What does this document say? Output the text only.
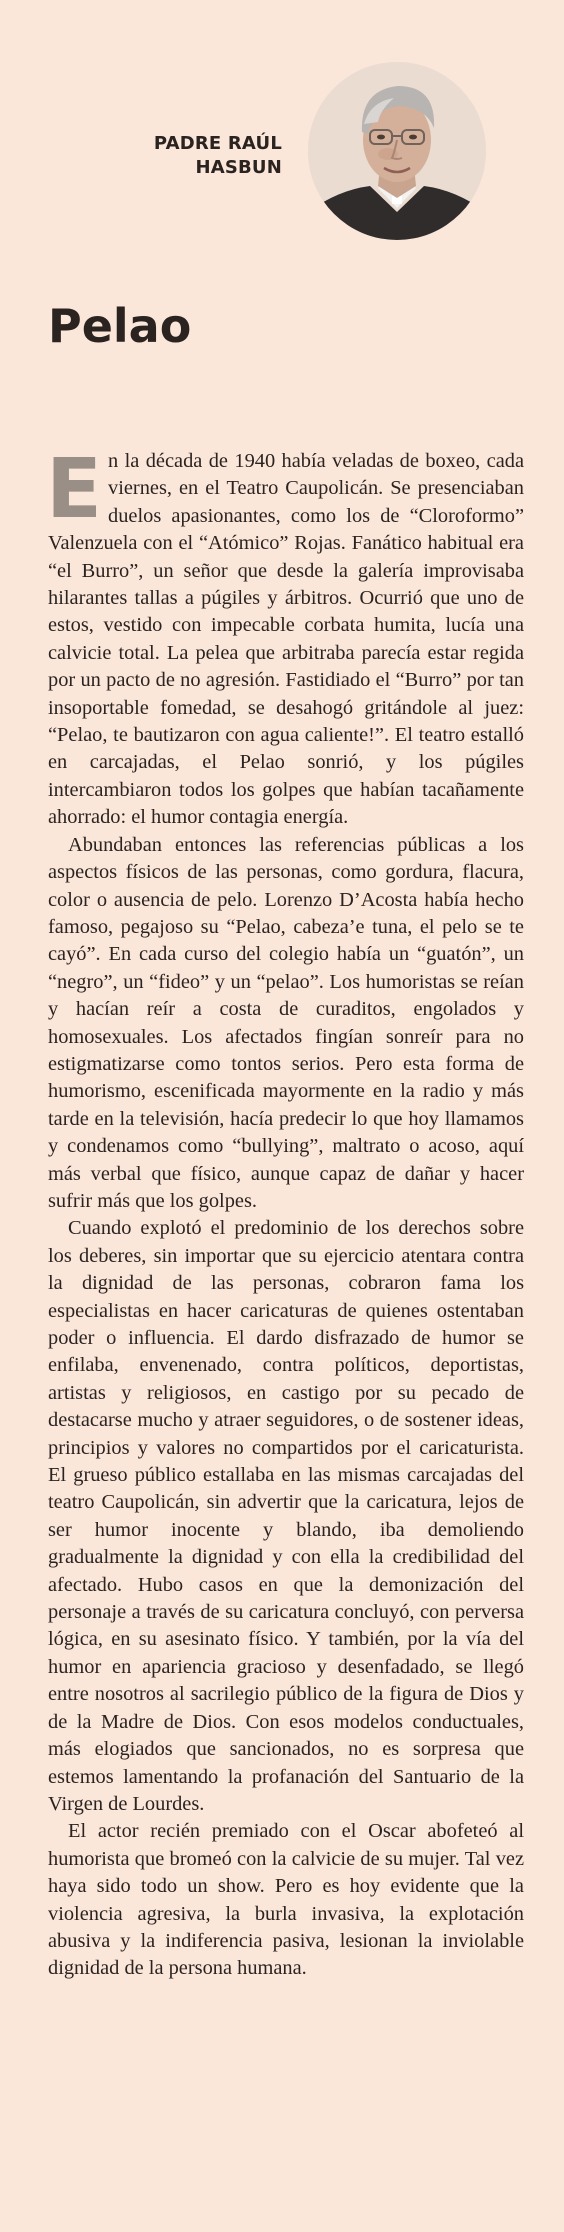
PADRE RAÚL
HASBUN
Pelao

En la década de 1940 había veladas de boxeo, cada viernes, en el Teatro Caupolicán. Se presenciaban duelos apasionantes, como los de “Cloroformo” Valenzuela con el “Atómico” Rojas. Fanático habitual era “el Burro”, un señor que desde la galería improvisaba hilarantes tallas a púgiles y árbitros. Ocurrió que uno de estos, vestido con impecable corbata humita, lucía una calvicie total. La pelea que arbitraba parecía estar regida por un pacto de no agresión. Fastidiado el “Burro” por tan insoportable fomedad, se desahogó gritándole al juez: “Pelao, te bautizaron con agua caliente!”. El teatro estalló en carcajadas, el Pelao sonrió, y los púgiles intercambiaron todos los golpes que habían tacañamente ahorrado: el humor contagia energía.

Abundaban entonces las referencias públicas a los aspectos físicos de las personas, como gordura, flacura, color o ausencia de pelo. Lorenzo D’Acosta había hecho famoso, pegajoso su “Pelao, cabeza’e tuna, el pelo se te cayó”. En cada curso del colegio había un “guatón”, un “negro”, un “fideo” y un “pelao”. Los humoristas se reían y hacían reír a costa de curaditos, engolados y homosexuales. Los afectados fingían sonreír para no estigmatizarse como tontos serios. Pero esta forma de humorismo, escenificada mayormente en la radio y más tarde en la televisión, hacía predecir lo que hoy llamamos y condenamos como “bullying”, maltrato o acoso, aquí más verbal que físico, aunque capaz de dañar y hacer sufrir más que los golpes.

Cuando explotó el predominio de los derechos sobre los deberes, sin importar que su ejercicio atentara contra la dignidad de las personas, cobraron fama los especialistas en hacer caricaturas de quienes ostentaban poder o influencia. El dardo disfrazado de humor se enfilaba, envenenado, contra políticos, deportistas, artistas y religiosos, en castigo por su pecado de destacarse mucho y atraer seguidores, o de sostener ideas, principios y valores no compartidos por el caricaturista. El grueso público estallaba en las mismas carcajadas del teatro Caupolicán, sin advertir que la caricatura, lejos de ser humor inocente y blando, iba demoliendo gradualmente la dignidad y con ella la credibilidad del afectado. Hubo casos en que la demonización del personaje a través de su caricatura concluyó, con perversa lógica, en su asesinato físico. Y también, por la vía del humor en apariencia gracioso y desenfadado, se llegó entre nosotros al sacrilegio público de la figura de Dios y de la Madre de Dios. Con esos modelos conductuales, más elogiados que sancionados, no es sorpresa que estemos lamentando la profanación del Santuario de la Virgen de Lourdes.

El actor recién premiado con el Oscar abofeteó al humorista que bromeó con la calvicie de su mujer. Tal vez haya sido todo un show. Pero es hoy evidente que la violencia agresiva, la burla invasiva, la explotación abusiva y la indiferencia pasiva, lesionan la inviolable dignidad de la persona humana.
